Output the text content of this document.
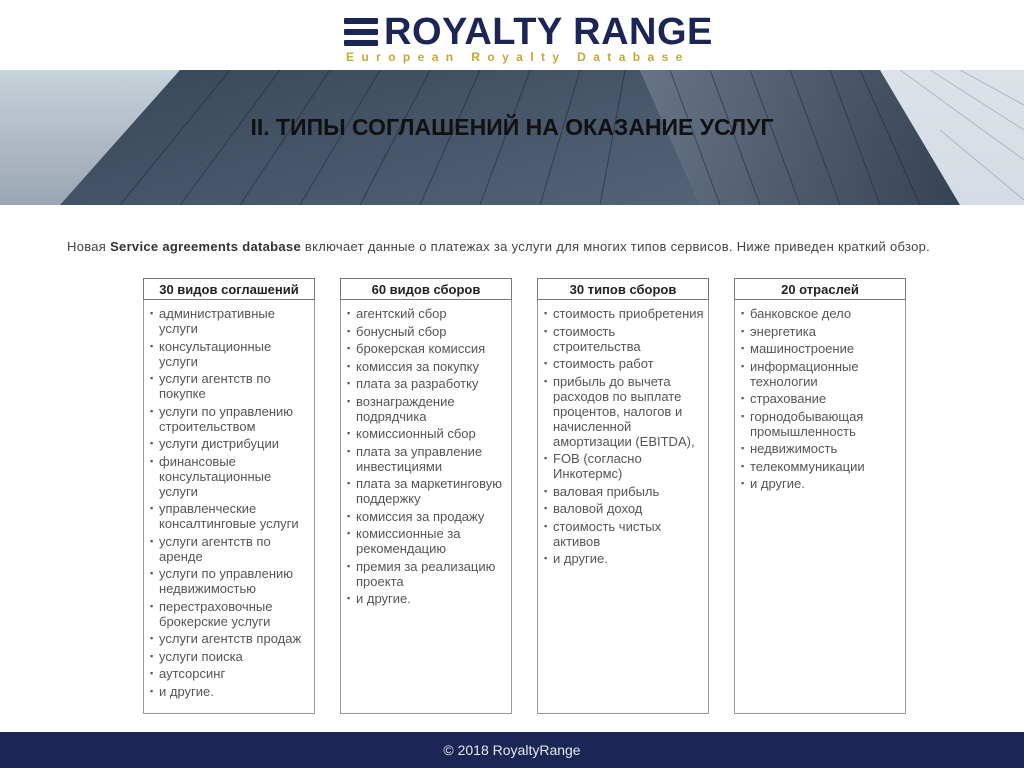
ROYALTY RANGE
European Royalty Database
II. ТИПЫ СОГЛАШЕНИЙ НА ОКАЗАНИЕ УСЛУГ
Новая Service agreements database включает данные о платежах за услуги для многих типов сервисов. Ниже приведен краткий обзор.
30 видов соглашений
▪ административные услуги
▪ консультационные услуги
▪ услуги агентств по покупке
▪ услуги по управлению строительством
▪ услуги дистрибуции
▪ финансовые консультационные услуги
▪ управленческие консалтинговые услуги
▪ услуги агентств по аренде
▪ услуги по управлению недвижимостью
▪ перестраховочные брокерские услуги
▪ услуги агентств продаж
▪ услуги поиска
▪ аутсорсинг
▪ и другие.
60 видов сборов
▪ агентский сбор
▪ бонусный сбор
▪ брокерская комиссия
▪ комиссия за покупку
▪ плата за разработку
▪ вознаграждение подрядчика
▪ комиссионный сбор
▪ плата за управление инвестициями
▪ плата за маркетинговую поддержку
▪ комиссия за продажу
▪ комиссионные за рекомендацию
▪ премия за реализацию проекта
▪ и другие.
30 типов сборов
▪ стоимость приобретения
▪ стоимость строительства
▪ стоимость работ
▪ прибыль до вычета расходов по выплате процентов, налогов и начисленной амортизации (EBITDA),
▪ FOB (согласно Инкотермс)
▪ валовая прибыль
▪ валовой доход
▪ стоимость чистых активов
▪ и другие.
20 отраслей
▪ банковское дело
▪ энергетика
▪ машиностроение
▪ информационные технологии
▪ страхование
▪ горнодобывающая промышленность
▪ недвижимость
▪ телекоммуникации
▪ и другие.
© 2018 RoyaltyRange
